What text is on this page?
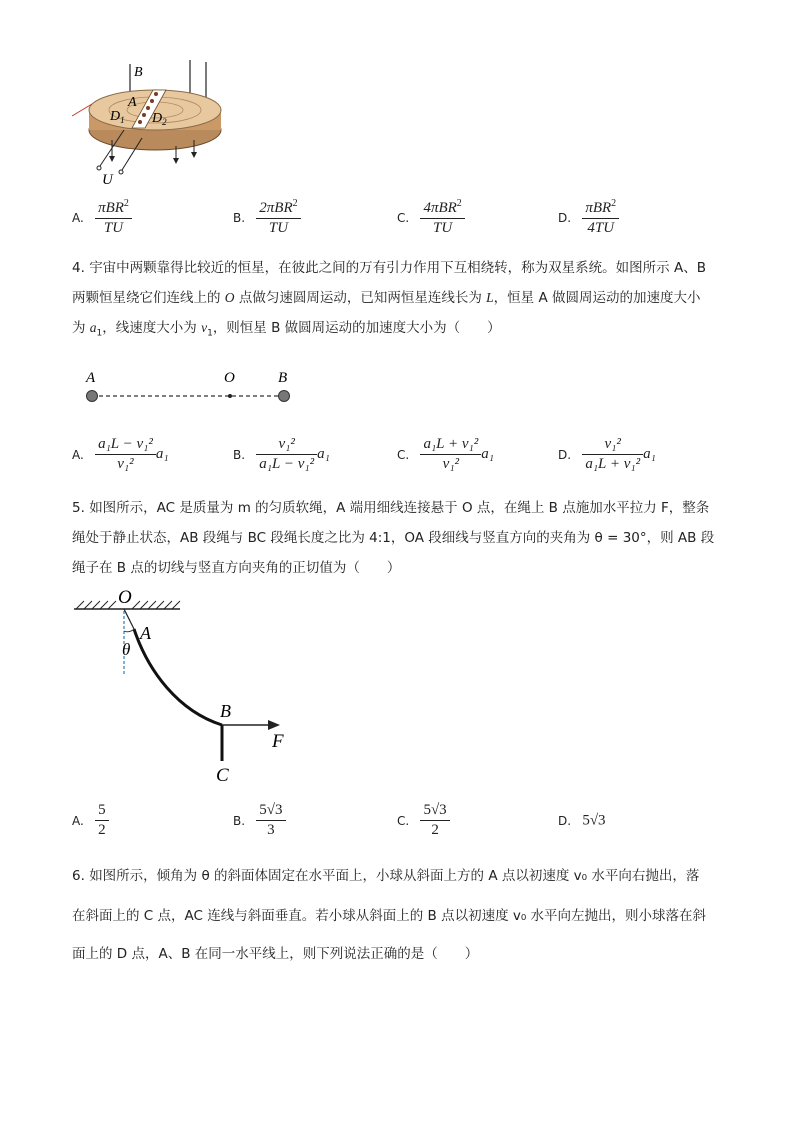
B
A
$D_1$ $D_2$
U
A. $\frac{\pi BR^2}{TU}$	B. $\frac{2\pi BR^2}{TU}$	C. $\frac{4\pi BR^2}{TU}$	D. $\frac{\pi BR^2}{4TU}$
4. 宇宙中两颗靠得比较近的恒星，在彼此之间的万有引力作用下互相绕转，称为双星系统。如图所示 A、B
两颗恒星绕它们连线上的 O 点做匀速圆周运动，已知两恒星连线长为 L，恒星 A 做圆周运动的加速度大小
为 $a_1$，线速度大小为 $v_1$，则恒星 B 做圆周运动的加速度大小为（　　）
A	O	B
A. $\frac{\text{a₁L − v₁²}}{\text{v₁²}} a_1$	B. $\frac{\text{v₁²}}{\text{a₁L − v₁²}} a_1$	C. $\frac{\text{a₁L + v₁²}}{\text{v₁²}} a_1$	D. $\frac{\text{v₁²}}{\text{a₁L + v₁²}} a_1$
5. 如图所示，AC 是质量为 m 的匀质软绳，A 端用细线连接悬于 O 点，在绳上 B 点施加水平拉力 F，整条
绳处于静止状态，AB 段绳与 BC 段绳长度之比为 4:1，OA 段细线与竖直方向的夹角为 θ = 30°，则 AB 段
绳子在 B 点的切线与竖直方向夹角的正切值为（　　）
O
A
θ
B
F
C
A. $\frac{5}{2}$	B. $\frac{5√3}{3}$	C. $\frac{5√3}{2}$	D. 5√3
6. 如图所示，倾角为 θ 的斜面体固定在水平面上，小球从斜面上方的 A 点以初速度 v₀ 水平向右抛出，落
在斜面上的 C 点，AC 连线与斜面垂直。若小球从斜面上的 B 点以初速度 v₀ 水平向左抛出，则小球落在斜
面上的 D 点，A、B 在同一水平线上，则下列说法正确的是（　　）
